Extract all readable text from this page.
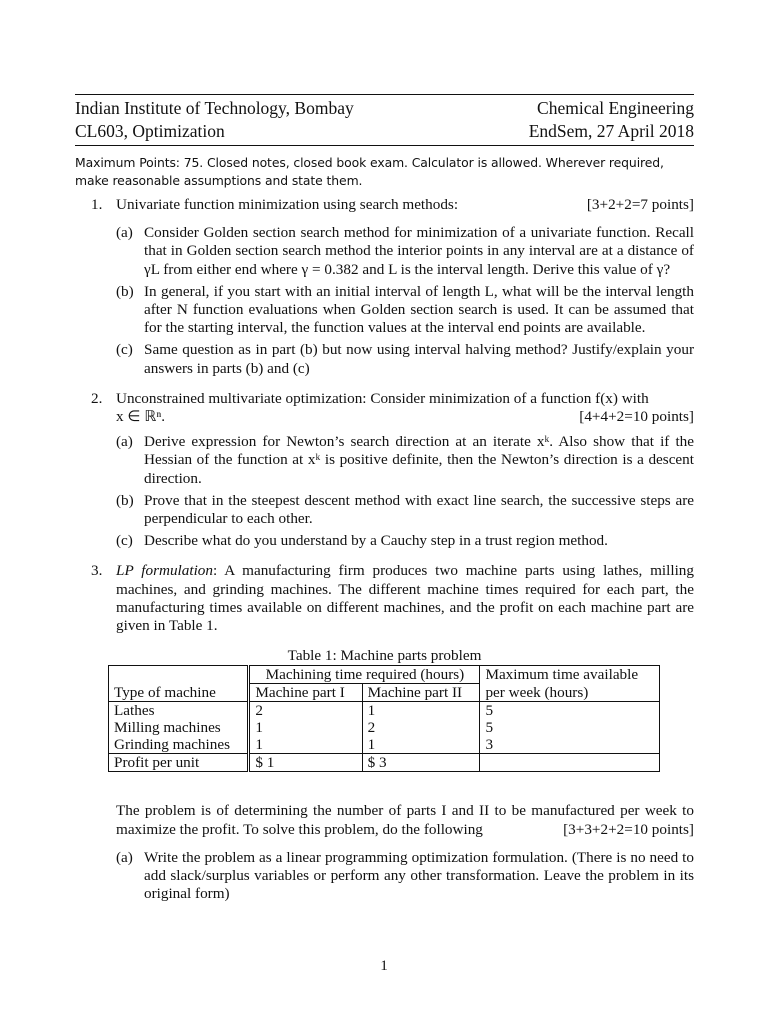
Indian Institute of Technology, Bombay	Chemical Engineering
CL603, Optimization	EndSem, 27 April 2018
Maximum Points: 75. Closed notes, closed book exam. Calculator is allowed. Wherever required, make reasonable assumptions and state them.
1. Univariate function minimization using search methods:	[3+2+2=7 points]
(a) Consider Golden section search method for minimization of a univariate function. Recall that in Golden section search method the interior points in any interval are at a distance of γL from either end where γ = 0.382 and L is the interval length. Derive this value of γ?
(b) In general, if you start with an initial interval of length L, what will be the interval length after N function evaluations when Golden section search is used. It can be assumed that for the starting interval, the function values at the interval end points are available.
(c) Same question as in part (b) but now using interval halving method? Justify/explain your answers in parts (b) and (c)
2. Unconstrained multivariate optimization: Consider minimization of a function f(x) with
x ∈ ℝⁿ.	[4+4+2=10 points]
(a) Derive expression for Newton’s search direction at an iterate xᵏ. Also show that if the Hessian of the function at xᵏ is positive definite, then the Newton’s direction is a descent direction.
(b) Prove that in the steepest descent method with exact line search, the successive steps are perpendicular to each other.
(c) Describe what do you understand by a Cauchy step in a trust region method.
3. LP formulation: A manufacturing firm produces two machine parts using lathes, milling machines, and grinding machines. The different machine times required for each part, the manufacturing times available on different machines, and the profit on each machine part are given in Table 1.
Table 1: Machine parts problem
	Machining time required (hours)		Maximum time available
Type of machine	Machine part I	Machine part II	per week (hours)
Lathes	2	1	5
Milling machines	1	2	5
Grinding machines	1	1	3
Profit per unit	$ 1	$ 3	
The problem is of determining the number of parts I and II to be manufactured per week to maximize the profit. To solve this problem, do the following	[3+3+2+2=10 points]
(a) Write the problem as a linear programming optimization formulation. (There is no need to add slack/surplus variables or perform any other transformation. Leave the problem in its original form)
1
